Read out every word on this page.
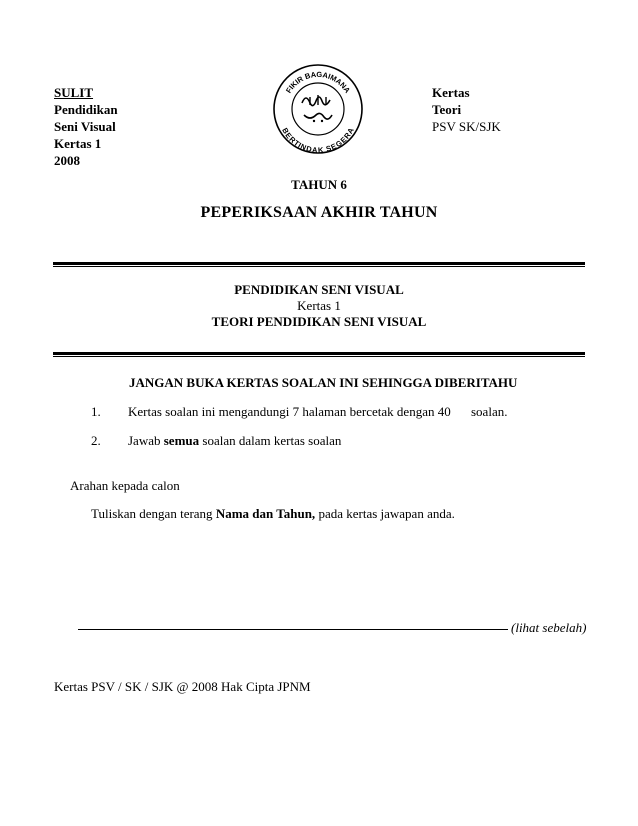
SULIT
Pendidikan
Seni Visual
Kertas 1
2008
FIKIR BAGAIMANA
BERTINDAK SEGERA
Kertas
Teori
PSV SK/SJK
TAHUN 6
PEPERIKSAAN AKHIR TAHUN
PENDIDIKAN SENI VISUAL
Kertas 1
TEORI PENDIDIKAN SENI VISUAL
JANGAN BUKA KERTAS SOALAN INI SEHINGGA DIBERITAHU
1. Kertas soalan ini mengandungi 7 halaman bercetak dengan 40 soalan.
2. Jawab semua soalan dalam kertas soalan
Arahan kepada calon
Tuliskan dengan terang Nama dan Tahun, pada kertas jawapan anda.
(lihat sebelah)
Kertas PSV / SK / SJK @ 2008 Hak Cipta JPNM
